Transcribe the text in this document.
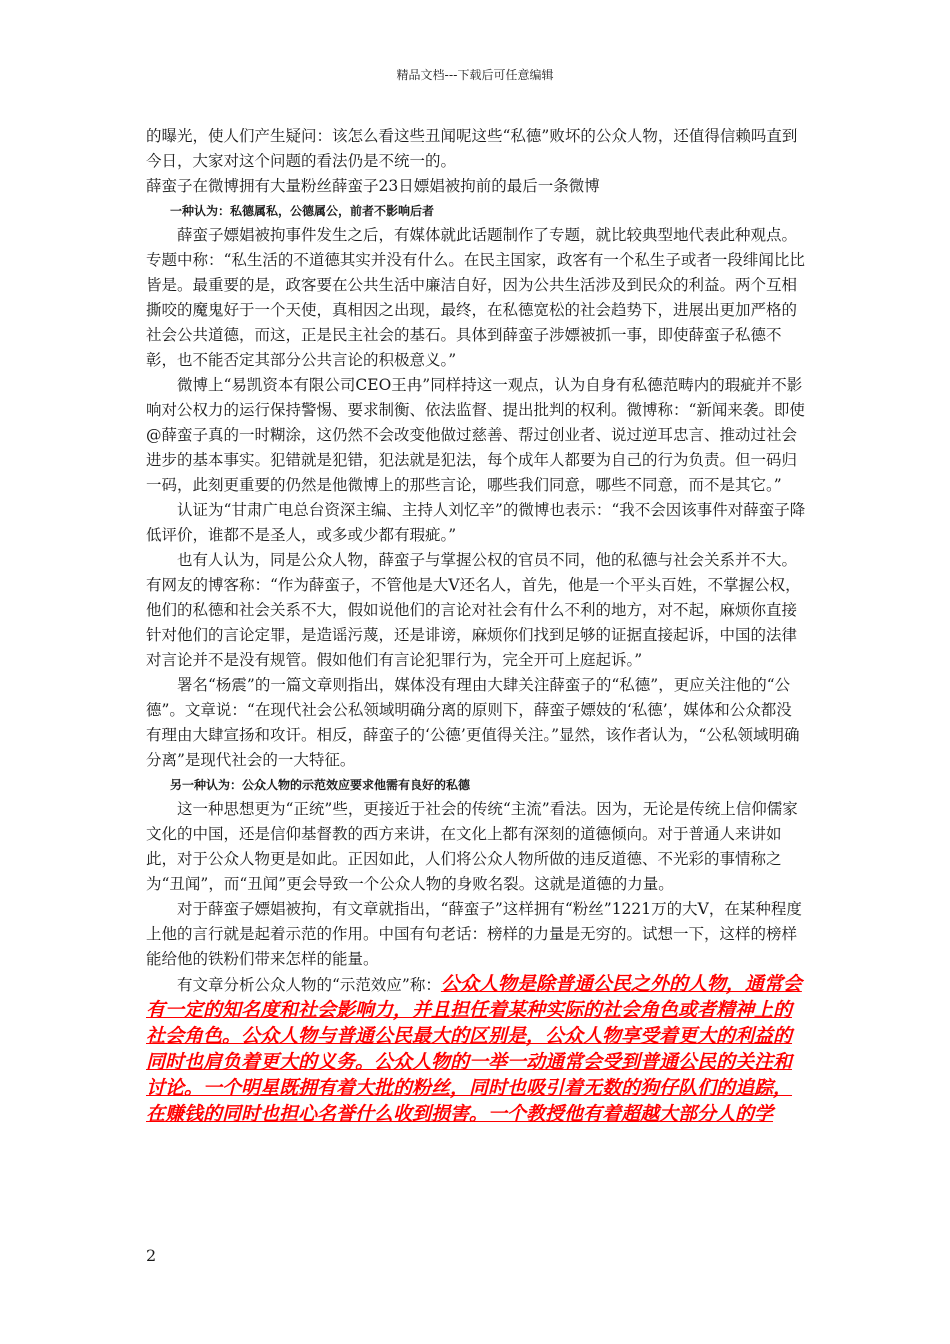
精品文档---下载后可任意编辑

的曝光，使人们产生疑问：该怎么看这些丑闻呢这些“私德”败坏的公众人物，还值得信赖吗直到今日，大家对这个问题的看法仍是不统一的。

薛蛮子在微博拥有大量粉丝薛蛮子23日嫖娼被拘前的最后一条微博

一种认为：私德属私，公德属公，前者不影响后者

薛蛮子嫖娼被拘事件发生之后，有媒体就此话题制作了专题，就比较典型地代表此种观点。专题中称：“私生活的不道德其实并没有什么。在民主国家，政客有一个私生子或者一段绯闻比比皆是。最重要的是，政客要在公共生活中廉洁自好，因为公共生活涉及到民众的利益。两个互相撕咬的魔鬼好于一个天使，真相因之出现，最终，在私德宽松的社会趋势下，进展出更加严格的社会公共道德，而这，正是民主社会的基石。具体到薛蛮子涉嫖被抓一事，即使薛蛮子私德不彰，也不能否定其部分公共言论的积极意义。”

微博上“易凯资本有限公司CEO王冉”同样持这一观点，认为自身有私德范畴内的瑕疵并不影响对公权力的运行保持警惕、要求制衡、依法监督、提出批判的权利。微博称：“新闻来袭。即使@薛蛮子真的一时糊涂，这仍然不会改变他做过慈善、帮过创业者、说过逆耳忠言、推动过社会进步的基本事实。犯错就是犯错，犯法就是犯法，每个成年人都要为自己的行为负责。但一码归一码，此刻更重要的仍然是他微博上的那些言论，哪些我们同意，哪些不同意，而不是其它。”

认证为“甘肃广电总台资深主编、主持人刘忆辛”的微博也表示：“我不会因该事件对薛蛮子降低评价，谁都不是圣人，或多或少都有瑕疵。”

也有人认为，同是公众人物，薛蛮子与掌握公权的官员不同，他的私德与社会关系并不大。有网友的博客称：“作为薛蛮子，不管他是大V还名人，首先，他是一个平头百姓，不掌握公权，他们的私德和社会关系不大，假如说他们的言论对社会有什么不利的地方，对不起，麻烦你直接针对他们的言论定罪，是造谣污蔑，还是诽谤，麻烦你们找到足够的证据直接起诉，中国的法律对言论并不是没有规管。假如他们有言论犯罪行为，完全开可上庭起诉。”

署名“杨震”的一篇文章则指出，媒体没有理由大肆关注薛蛮子的“私德”，更应关注他的“公德”。文章说：“在现代社会公私领域明确分离的原则下，薛蛮子嫖妓的‘私德’，媒体和公众都没有理由大肆宣扬和攻讦。相反，薛蛮子的‘公德’更值得关注。”显然，该作者认为，“公私领域明确分离”是现代社会的一大特征。

另一种认为：公众人物的示范效应要求他需有良好的私德

这一种思想更为“正统”些，更接近于社会的传统“主流”看法。因为，无论是传统上信仰儒家文化的中国，还是信仰基督教的西方来讲，在文化上都有深刻的道德倾向。对于普通人来讲如此，对于公众人物更是如此。正因如此，人们将公众人物所做的违反道德、不光彩的事情称之为“丑闻”，而“丑闻”更会导致一个公众人物的身败名裂。这就是道德的力量。

对于薛蛮子嫖娼被拘，有文章就指出，“薛蛮子”这样拥有“粉丝”1221万的大V，在某种程度上他的言行就是起着示范的作用。中国有句老话：榜样的力量是无穷的。试想一下，这样的榜样能给他的铁粉们带来怎样的能量。

有文章分析公众人物的“示范效应”称：公众人物是除普通公民之外的人物，通常会有一定的知名度和社会影响力，并且担任着某种实际的社会角色或者精神上的社会角色。公众人物与普通公民最大的区别是，公众人物享受着更大的利益的同时也肩负着更大的义务。公众人物的一举一动通常会受到普通公民的关注和讨论。一个明星既拥有着大批的粉丝，同时也吸引着无数的狗仔队们的追踪，在赚钱的同时也担心名誉什么收到损害。一个教授他有着超越大部分人的学

2
